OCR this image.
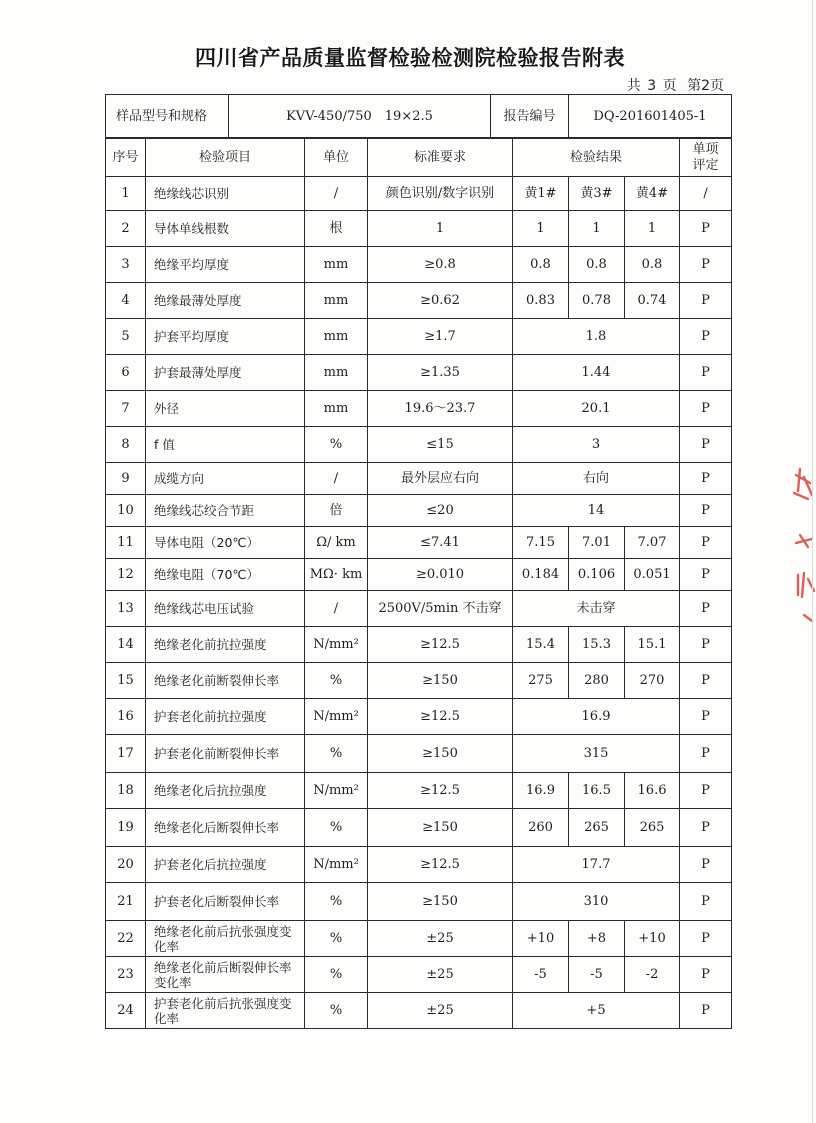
四川省产品质量监督检验检测院检验报告附表
共 3 页 第2页
样品型号和规格	KVV-450/750　19×2.5	报告编号	DQ-201601405-1
序号	检验项目	单位	标准要求	检验结果			单项评定
1	绝缘线芯识别	/	颜色识别/数字识别	黄1#	黄3#	黄4#	/
2	导体单线根数	根	1	1	1	1	P
3	绝缘平均厚度	mm	≥0.8	0.8	0.8	0.8	P
4	绝缘最薄处厚度	mm	≥0.62	0.83	0.78	0.74	P
5	护套平均厚度	mm	≥1.7	1.8			P
6	护套最薄处厚度	mm	≥1.35	1.44			P
7	外径	mm	19.6～23.7	20.1			P
8	f 值	%	≤15	3			P
9	成缆方向	/	最外层应右向	右向			P
10	绝缘线芯绞合节距	倍	≤20	14			P
11	导体电阻（20℃）	Ω/ km	≤7.41	7.15	7.01	7.07	P
12	绝缘电阻（70℃）	MΩ· km	≥0.010	0.184	0.106	0.051	P
13	绝缘线芯电压试验	/	2500V/5min 不击穿	未击穿			P
14	绝缘老化前抗拉强度	N/mm²	≥12.5	15.4	15.3	15.1	P
15	绝缘老化前断裂伸长率	%	≥150	275	280	270	P
16	护套老化前抗拉强度	N/mm²	≥12.5	16.9			P
17	护套老化前断裂伸长率	%	≥150	315			P
18	绝缘老化后抗拉强度	N/mm²	≥12.5	16.9	16.5	16.6	P
19	绝缘老化后断裂伸长率	%	≥150	260	265	265	P
20	护套老化后抗拉强度	N/mm²	≥12.5	17.7			P
21	护套老化后断裂伸长率	%	≥150	310			P
22	绝缘老化前后抗张强度变化率	%	±25	+10	+8	+10	P
23	绝缘老化前后断裂伸长率变化率	%	±25	-5	-5	-2	P
24	护套老化前后抗张强度变化率	%	±25	+5			P
